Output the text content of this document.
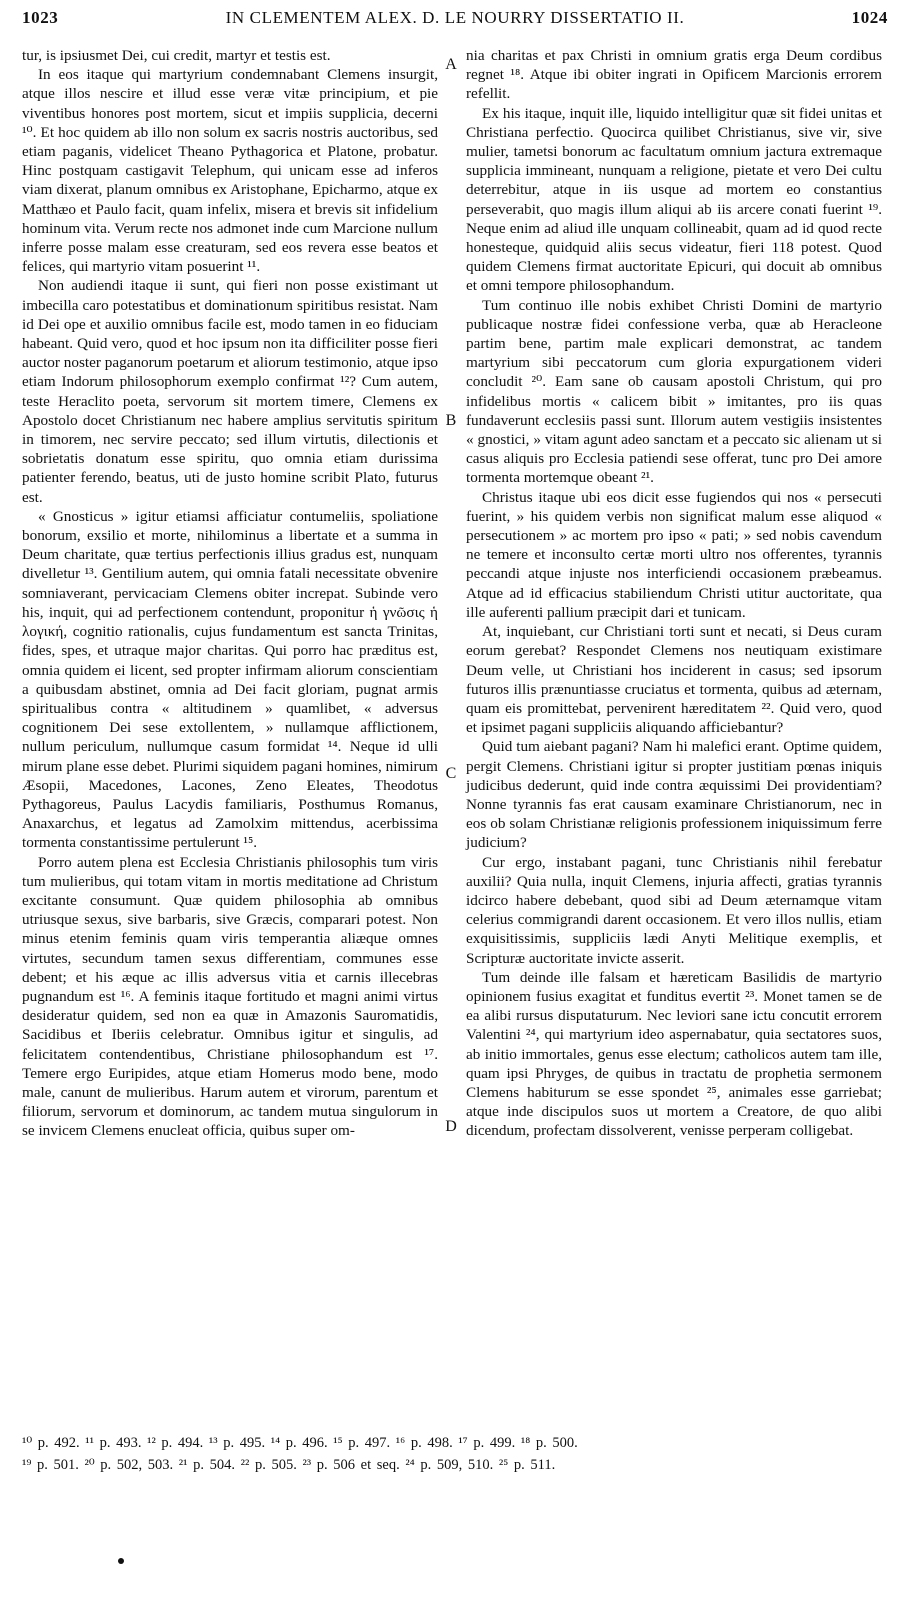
IN CLEMENTEM ALEX. D. LE NOURRY DISSERTATIO II.
1023	1024

tur, is ipsiusmet Dei, cui credit, martyr et testis est.

In eos itaque qui martyrium condemnabant Clemens insurgit, atque illos nescire et illud esse veræ vitæ principium, et pie viventibus honores post mortem, sicut et impiis supplicia, decerni ¹⁰. Et hoc quidem ab illo non solum ex sacris nostris auctoribus, sed etiam paganis, videlicet Theano Pythagorica et Platone, probatur. Hinc postquam castigavit Telephum, qui unicam esse ad inferos viam dixerat, planum omnibus ex Aristophane, Epicharmo, atque ex Matthæo et Paulo facit, quam infelix, misera et brevis sit infidelium hominum vita. Verum recte nos admonet inde cum Marcione nullum inferre posse malam esse creaturam, sed eos revera esse beatos et felices, qui martyrio vitam posuerint ¹¹.

Non audiendi itaque ii sunt, qui fieri non posse existimant ut imbecilla caro potestatibus et dominationum spiritibus resistat. Nam id Dei ope et auxilio omnibus facile est, modo tamen in eo fiduciam habeant. Quid vero, quod et hoc ipsum non ita difficiliter posse fieri auctor noster paganorum poetarum et aliorum testimonio, atque ipso etiam Indorum philosophorum exemplo confirmat ¹²? Cum autem, teste Heraclito poeta, servorum sit mortem timere, Clemens ex Apostolo docet Christianum nec habere amplius servitutis spiritum in timorem, nec servire peccato; sed illum virtutis, dilectionis et sobrietatis donatum esse spiritu, quo omnia etiam durissima patienter ferendo, beatus, uti de justo homine scribit Plato, futurus est.

« Gnosticus » igitur etiamsi afficiatur contumeliis, spoliatione bonorum, exsilio et morte, nihilominus a libertate et a summa in Deum charitate, quæ tertius perfectionis illius gradus est, nunquam divelletur ¹³. Gentilium autem, qui omnia fatali necessitate obvenire somniaverant, pervicaciam Clemens obiter increpat. Subinde vero his, inquit, qui ad perfectionem contendunt, proponitur ἡ γνῶσις ἡ λογική, cognitio rationalis, cujus fundamentum est sancta Trinitas, fides, spes, et utraque major charitas. Qui porro hac præditus est, omnia quidem ei licent, sed propter infirmam aliorum conscientiam a quibusdam abstinet, omnia ad Dei facit gloriam, pugnat armis spiritualibus contra « altitudinem » quamlibet, « adversus cognitionem Dei sese extollentem, » nullamque afflictionem, nullum periculum, nullumque casum formidat ¹⁴. Neque id ulli mirum plane esse debet. Plurimi siquidem pagani homines, nimirum Æsopii, Macedones, Lacones, Zeno Eleates, Theodotus Pythagoreus, Paulus Lacydis familiaris, Posthumus Romanus, Anaxarchus, et legatus ad Zamolxim mittendus, acerbissima tormenta constantissime pertulerunt ¹⁵.

Porro autem plena est Ecclesia Christianis philosophis tum viris tum mulieribus, qui totam vitam in mortis meditatione ad Christum excitante consumunt. Quæ quidem philosophia ab omnibus utriusque sexus, sive barbaris, sive Græcis, comparari potest. Non minus etenim feminis quam viris temperantia aliæque omnes virtutes, secundum tamen sexus differentiam, communes esse debent; et his æque ac illis adversus vitia et carnis illecebras pugnandum est ¹⁶. A feminis itaque fortitudo et magni animi virtus desideratur quidem, sed non ea quæ in Amazonis Sauromatidis, Sacidibus et Iberiis celebratur. Omnibus igitur et singulis, ad felicitatem contendentibus, Christiane philosophandum est ¹⁷. Temere ergo Euripides, atque etiam Homerus modo bene, modo male, canunt de mulieribus. Harum autem et virorum, parentum et filiorum, servorum et dominorum, ac tandem mutua singulorum in se invicem Clemens enucleat officia, quibus super om-

nia charitas et pax Christi in omnium gratis erga Deum cordibus regnet ¹⁸. Atque ibi obiter ingrati in Opificem Marcionis errorem refellit.

Ex his itaque, inquit ille, liquido intelligitur quæ sit fidei unitas et Christiana perfectio. Quocirca quilibet Christianus, sive vir, sive mulier, tametsi bonorum ac facultatum omnium jactura extremaque supplicia immineant, nunquam a religione, pietate et vero Dei cultu deterrebitur, atque in iis usque ad mortem eo constantius perseverabit, quo magis illum aliqui ab iis arcere conati fuerint ¹⁹. Neque enim ad aliud ille unquam collineabit, quam ad id quod recte honesteque, quidquid aliis secus videatur, fieri 118 potest. Quod quidem Clemens firmat auctoritate Epicuri, qui docuit ab omnibus et omni tempore philosophandum.

Tum continuo ille nobis exhibet Christi Domini de martyrio publicaque nostræ fidei confessione verba, quæ ab Heracleone partim bene, partim male explicari demonstrat, ac tandem martyrium sibi peccatorum cum gloria expurgationem videri concludit ²⁰. Eam sane ob causam apostoli Christum, qui pro infidelibus mortis « calicem bibit » imitantes, pro iis quas fundaverunt ecclesiis passi sunt. Illorum autem vestigiis insistentes « gnostici, » vitam agunt adeo sanctam et a peccato sic alienam ut si casus aliquis pro Ecclesia patiendi sese offerat, tunc pro Dei amore tormenta mortemque obeant ²¹.

Christus itaque ubi eos dicit esse fugiendos qui nos « persecuti fuerint, » his quidem verbis non significat malum esse aliquod « persecutionem » ac mortem pro ipso « pati; » sed nobis cavendum ne temere et inconsulto certæ morti ultro nos offerentes, tyrannis peccandi atque injuste nos interficiendi occasionem præbeamus. Atque ad id efficacius stabiliendum Christi utitur auctoritate, qua ille auferenti pallium præcipit dari et tunicam.

At, inquiebant, cur Christiani torti sunt et necati, si Deus curam eorum gerebat? Respondet Clemens nos neutiquam existimare Deum velle, ut Christiani hos inciderent in casus; sed ipsorum futuros illis prænuntiasse cruciatus et tormenta, quibus ad æternam, quam eis promittebat, pervenirent hæreditatem ²². Quid vero, quod et ipsimet pagani suppliciis aliquando afficiebantur?

Quid tum aiebant pagani? Nam hi malefici erant. Optime quidem, pergit Clemens. Christiani igitur si propter justitiam pœnas iniquis judicibus dederunt, quid inde contra æquissimi Dei providentiam? Nonne tyrannis fas erat causam examinare Christianorum, nec in eos ob solam Christianæ religionis professionem iniquissimum ferre judicium?

Cur ergo, instabant pagani, tunc Christianis nihil ferebatur auxilii? Quia nulla, inquit Clemens, injuria affecti, gratias tyrannis idcirco habere debebant, quod sibi ad Deum æternamque vitam celerius commigrandi darent occasionem. Et vero illos nullis, etiam exquisitissimis, suppliciis lædi Anyti Melitique exemplis, et Scripturæ auctoritate invicte asserit.

Tum deinde ille falsam et hæreticam Basilidis de martyrio opinionem fusius exagitat et funditus evertit ²³. Monet tamen se de ea alibi rursus disputaturum. Nec leviori sane ictu concutit errorem Valentini ²⁴, qui martyrium ideo aspernabatur, quia sectatores suos, ab initio immortales, genus esse electum; catholicos autem tam ille, quam ipsi Phryges, de quibus in tractatu de prophetia sermonem Clemens habiturum se esse spondet ²⁵, animales esse garriebat; atque inde discipulos suos ut mortem a Creatore, de quo alibi dicendum, profectam dissolverent, venisse perperam colligebat.

A
B
C
D
¹⁰ p. 492. ¹¹ p. 493. ¹² p. 494. ¹³ p. 495. ¹⁴ p. 496. ¹⁵ p. 497. ¹⁶ p. 498. ¹⁷ p. 499. ¹⁸ p. 500.
¹⁹ p. 501. ²⁰ p. 502, 503. ²¹ p. 504. ²² p. 505. ²³ p. 506 et seq. ²⁴ p. 509, 510. ²⁵ p. 511.
